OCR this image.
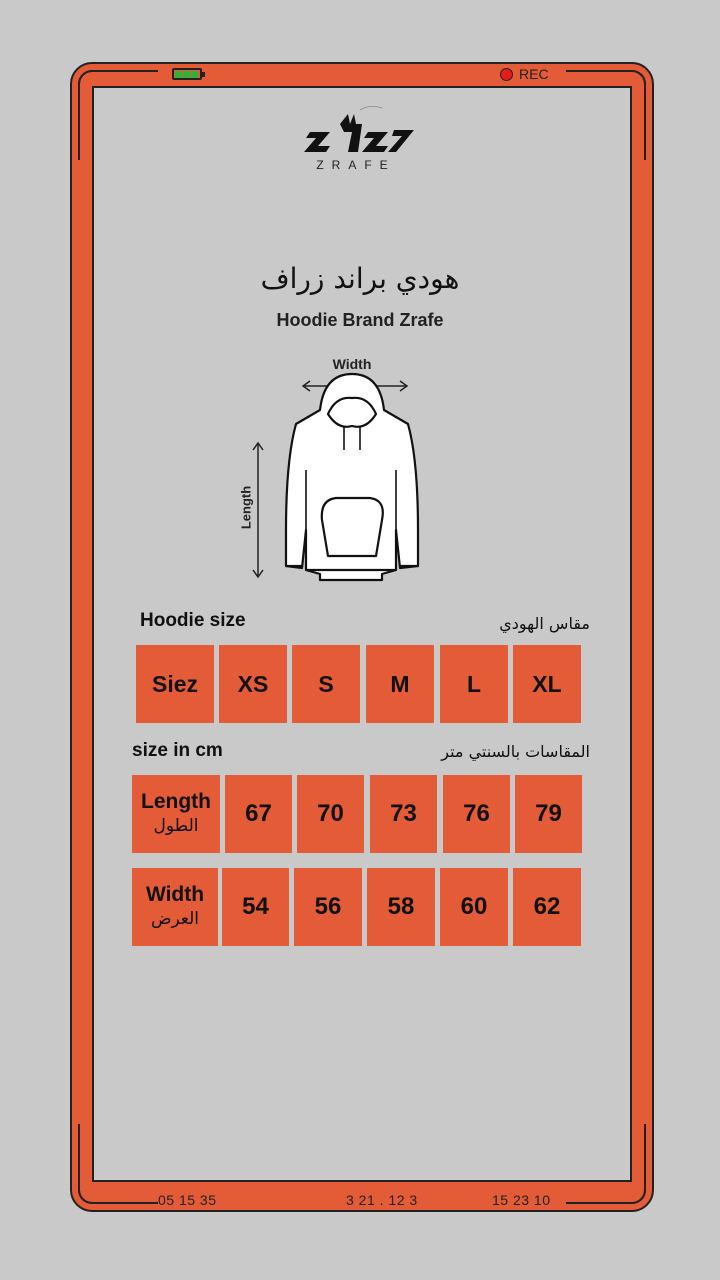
REC
05 15 35	3 21 . 12 3	15 23 10
ZRAFE
هودي براند زراف
Hoodie Brand Zrafe
Width
Length
Hoodie size	مقاس الهودي
Siez	XS	S	M	L	XL
size in cm	المقاسات بالسنتي متر
Length
الطول	67	70	73	76	79
Width
العرض	54	56	58	60	62
